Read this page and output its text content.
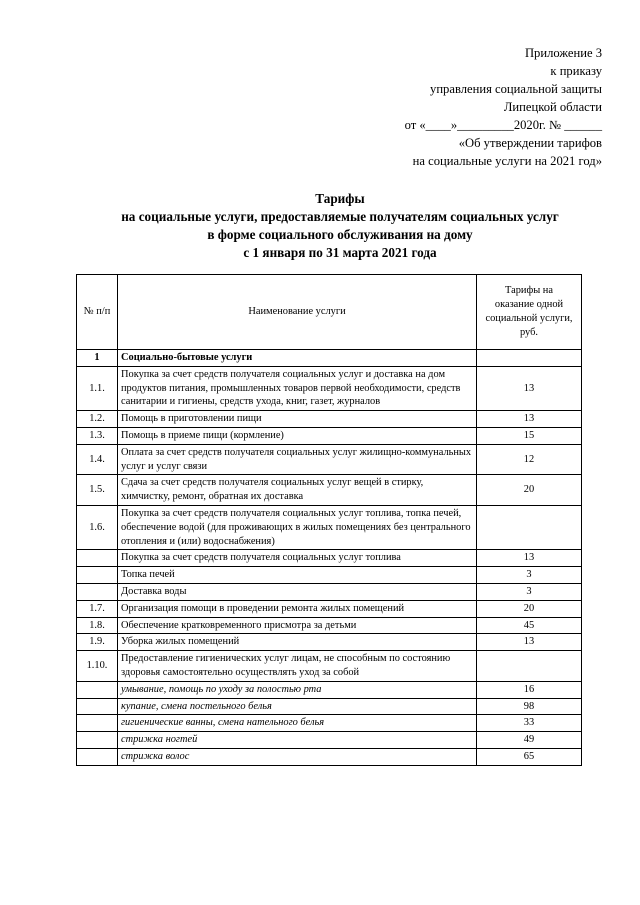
Приложение 3
к приказу
управления социальной защиты
Липецкой области
от «____»_________2020г. № ______
«Об утверждении тарифов
на социальные услуги на 2021 год»
Тарифы
на социальные услуги, предоставляемые получателям социальных услуг
в форме социального обслуживания на дому
с 1 января по 31 марта 2021 года
№ п/п	Наименование услуги	Тарифы на оказание одной социальной услуги, руб.
1	Социально-бытовые услуги	
1.1.	Покупка за счет средств получателя социальных услуг и доставка на дом продуктов питания, промышленных товаров первой необходимости, средств санитарии и гигиены, средств ухода, книг, газет, журналов	13
1.2.	Помощь в приготовлении пищи	13
1.3.	Помощь в приеме пищи (кормление)	15
1.4.	Оплата за счет средств получателя социальных услуг жилищно-коммунальных услуг и услуг связи	12
1.5.	Сдача за счет средств получателя социальных услуг вещей в стирку, химчистку, ремонт, обратная их доставка	20
1.6.	Покупка за счет средств получателя социальных услуг топлива, топка печей, обеспечение водой (для проживающих в жилых помещениях без центрального отопления и (или) водоснабжения)	
	Покупка за счет средств получателя социальных услуг топлива	13
	Топка печей	3
	Доставка воды	3
1.7.	Организация помощи в проведении ремонта жилых помещений	20
1.8.	Обеспечение кратковременного присмотра за детьми	45
1.9.	Уборка жилых помещений	13
1.10.	Предоставление гигиенических услуг лицам, не способным по состоянию здоровья самостоятельно осуществлять уход за собой	
	умывание, помощь по уходу за полостью рта	16
	купание, смена постельного белья	98
	гигиенические ванны, смена нательного белья	33
	стрижка ногтей	49
	стрижка волос	65
